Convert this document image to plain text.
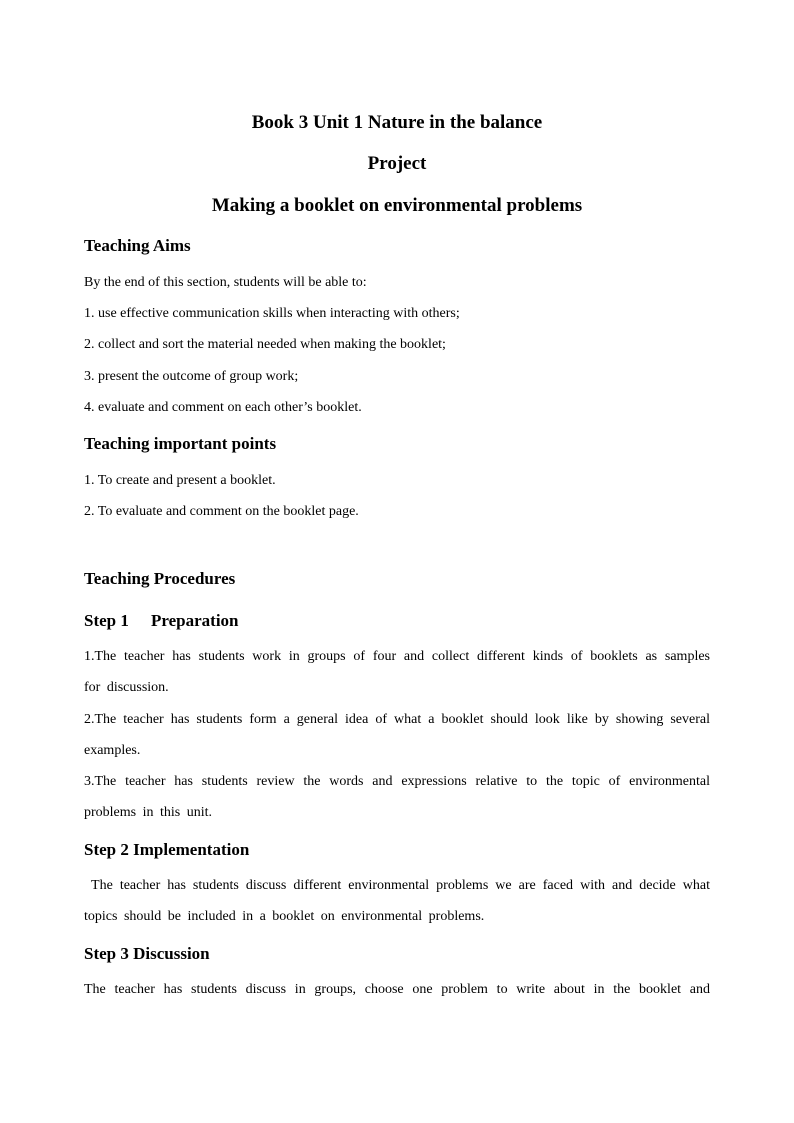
Book 3 Unit 1 Nature in the balance
Project
Making a booklet on environmental problems
Teaching Aims

By the end of this section, students will be able to:

1. use effective communication skills when interacting with others;

2. collect and sort the material needed when making the booklet;

3. present the outcome of group work;

4. evaluate and comment on each other’s booklet.

Teaching important points

1. To create and present a booklet.

2. To evaluate and comment on the booklet page.

Teaching Procedures
Step 1 Preparation

1.The teacher has students work in groups of four and collect different kinds of booklets as samples for discussion.

2.The teacher has students form a general idea of what a booklet should look like by showing several examples.

3.The teacher has students review the words and expressions relative to the topic of environmental problems in this unit.

Step 2 Implementation

The teacher has students discuss different environmental problems we are faced with and decide what topics should be included in a booklet on environmental problems.

Step 3 Discussion

The teacher has students discuss in groups, choose one problem to write about in the booklet and
